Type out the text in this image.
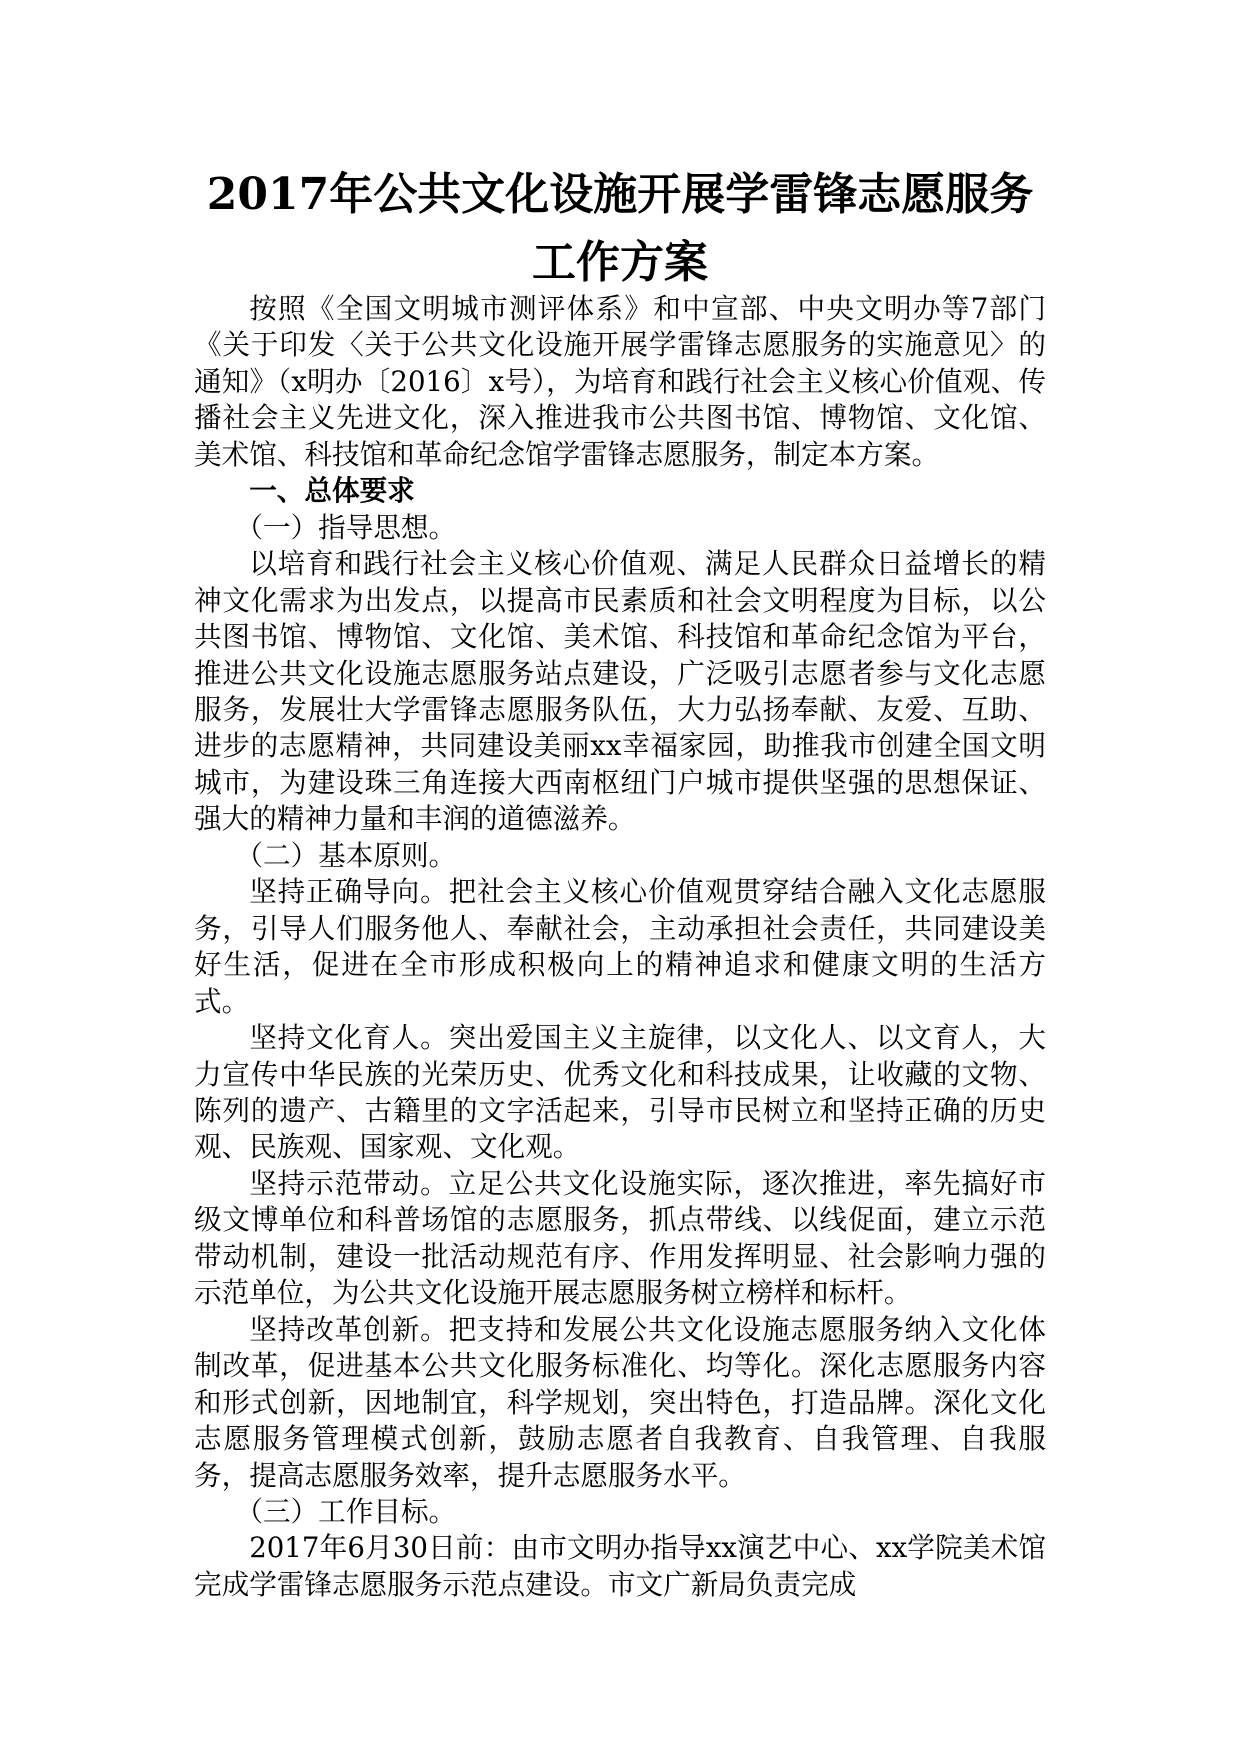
2017年公共文化设施开展学雷锋志愿服务
工作方案

按照《全国文明城市测评体系》和中宣部、中央文明办等7部门《关于印发〈关于公共文化设施开展学雷锋志愿服务的实施意见〉的通知》（x明办〔2016〕x号），为培育和践行社会主义核心价值观、传播社会主义先进文化，深入推进我市公共图书馆、博物馆、文化馆、美术馆、科技馆和革命纪念馆学雷锋志愿服务，制定本方案。

一、总体要求

（一）指导思想。

以培育和践行社会主义核心价值观、满足人民群众日益增长的精神文化需求为出发点，以提高市民素质和社会文明程度为目标，以公共图书馆、博物馆、文化馆、美术馆、科技馆和革命纪念馆为平台，推进公共文化设施志愿服务站点建设，广泛吸引志愿者参与文化志愿服务，发展壮大学雷锋志愿服务队伍，大力弘扬奉献、友爱、互助、进步的志愿精神，共同建设美丽xx幸福家园，助推我市创建全国文明城市，为建设珠三角连接大西南枢纽门户城市提供坚强的思想保证、强大的精神力量和丰润的道德滋养。

（二）基本原则。

坚持正确导向。把社会主义核心价值观贯穿结合融入文化志愿服务，引导人们服务他人、奉献社会，主动承担社会责任，共同建设美好生活，促进在全市形成积极向上的精神追求和健康文明的生活方式。

坚持文化育人。突出爱国主义主旋律，以文化人、以文育人，大力宣传中华民族的光荣历史、优秀文化和科技成果，让收藏的文物、陈列的遗产、古籍里的文字活起来，引导市民树立和坚持正确的历史观、民族观、国家观、文化观。

坚持示范带动。立足公共文化设施实际，逐次推进，率先搞好市级文博单位和科普场馆的志愿服务，抓点带线、以线促面，建立示范带动机制，建设一批活动规范有序、作用发挥明显、社会影响力强的示范单位，为公共文化设施开展志愿服务树立榜样和标杆。

坚持改革创新。把支持和发展公共文化设施志愿服务纳入文化体制改革，促进基本公共文化服务标准化、均等化。深化志愿服务内容和形式创新，因地制宜，科学规划，突出特色，打造品牌。深化文化志愿服务管理模式创新，鼓励志愿者自我教育、自我管理、自我服务，提高志愿服务效率，提升志愿服务水平。

（三）工作目标。

2017年6月30日前：由市文明办指导xx演艺中心、xx学院美术馆完成学雷锋志愿服务示范点建设。市文广新局负责完成
